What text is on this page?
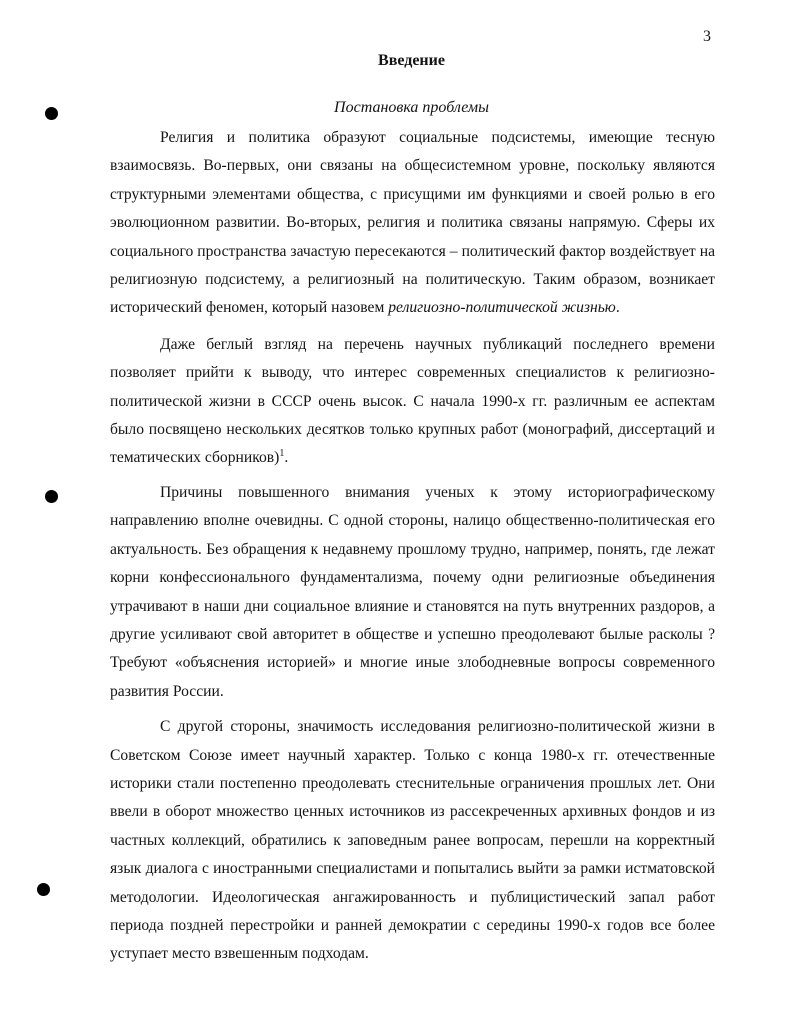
3
Введение
Постановка проблемы

Религия и политика образуют социальные подсистемы, имеющие тесную взаимосвязь. Во-первых, они связаны на общесистемном уровне, поскольку являются структурными элементами общества, с присущими им функциями и своей ролью в его эволюционном развитии. Во-вторых, религия и политика связаны напрямую. Сферы их социального пространства зачастую пересекаются – политический фактор воздействует на религиозную подсистему, а религиозный на политическую. Таким образом, возникает исторический феномен, который назовем религиозно-политической жизнью.

Даже беглый взгляд на перечень научных публикаций последнего времени позволяет прийти к выводу, что интерес современных специалистов к религиозно-политической жизни в СССР очень высок. С начала 1990-х гг. различным ее аспектам было посвящено нескольких десятков только крупных работ (монографий, диссертаций и тематических сборников)$^1$.

Причины повышенного внимания ученых к этому историографическому направлению вполне очевидны. С одной стороны, налицо общественно-политическая его актуальность. Без обращения к недавнему прошлому трудно, например, понять, где лежат корни конфессионального фундаментализма, почему одни религиозные объединения утрачивают в наши дни социальное влияние и становятся на путь внутренних раздоров, а другие усиливают свой авторитет в обществе и успешно преодолевают былые расколы ? Требуют «объяснения историей» и многие иные злободневные вопросы современного развития России.

С другой стороны, значимость исследования религиозно-политической жизни в Советском Союзе имеет научный характер. Только с конца 1980-х гг. отечественные историки стали постепенно преодолевать стеснительные ограничения прошлых лет. Они ввели в оборот множество ценных источников из рассекреченных архивных фондов и из частных коллекций, обратились к заповедным ранее вопросам, перешли на корректный язык диалога с иностранными специалистами и попытались выйти за рамки истматовской методологии. Идеологическая ангажированность и публицистический запал работ периода поздней перестройки и ранней демократии с середины 1990-х годов все более уступает место взвешенным подходам.
